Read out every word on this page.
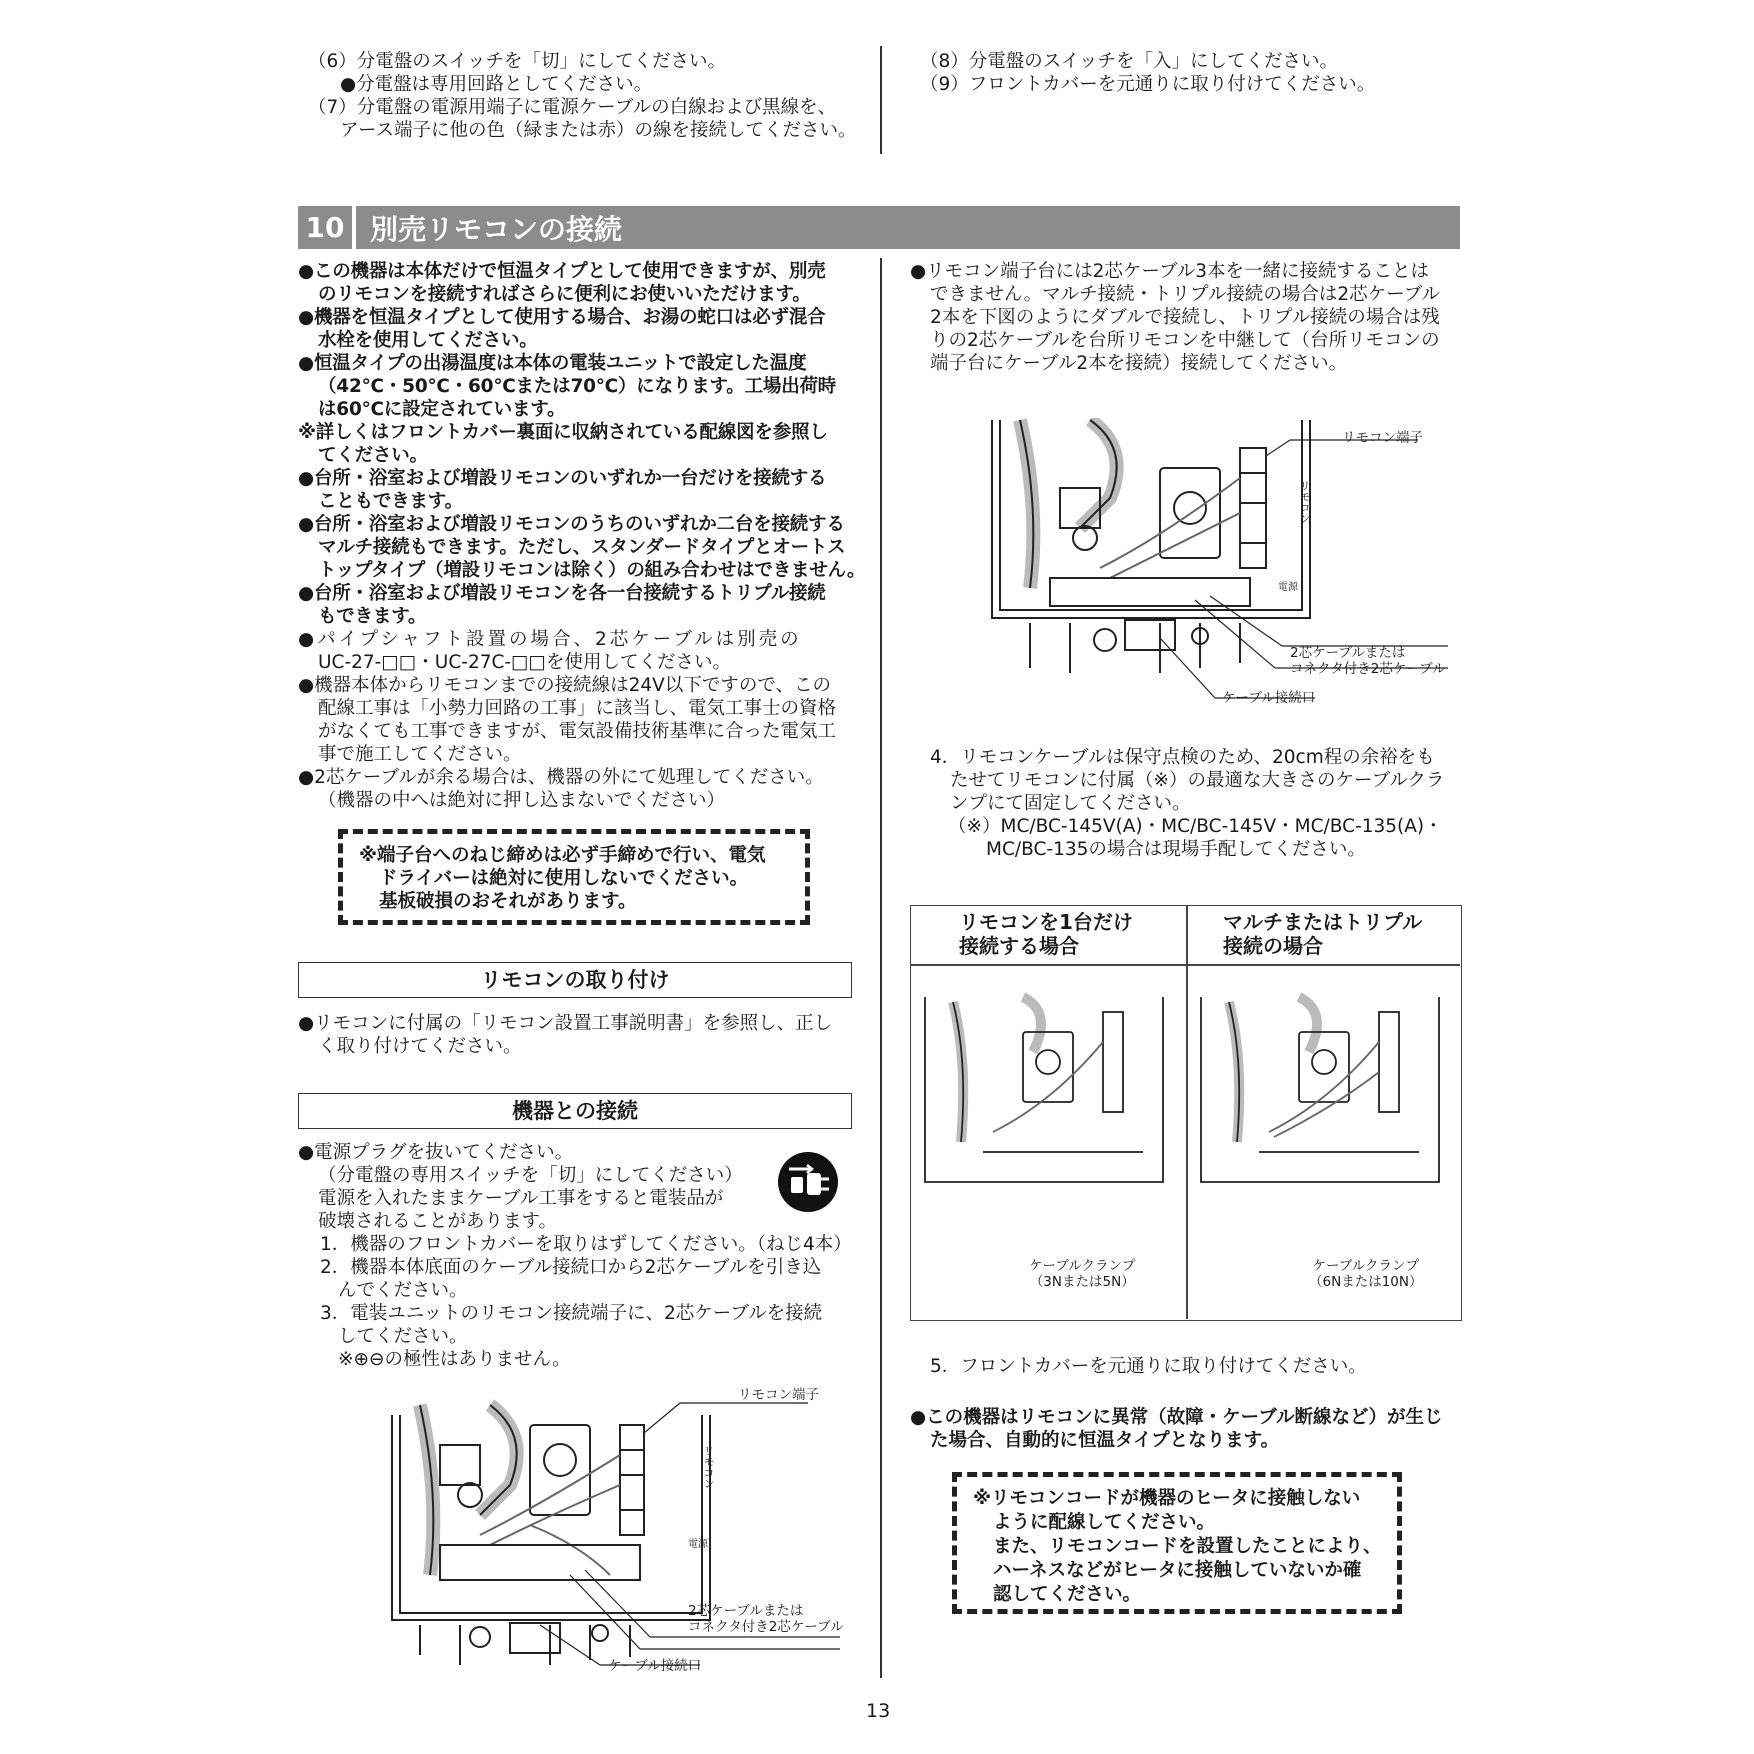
（6）分電盤のスイッチを「切」にしてください。
●分電盤は専用回路としてください。
（7）分電盤の電源用端子に電源ケーブルの白線および黒線を、
アース端子に他の色（緑または赤）の線を接続してください。
（8）分電盤のスイッチを「入」にしてください。
（9）フロントカバーを元通りに取り付けてください。
10 別売リモコンの接続
●この機器は本体だけで恒温タイプとして使用できますが、別売
のリモコンを接続すればさらに便利にお使いいただけます。
●機器を恒温タイプとして使用する場合、お湯の蛇口は必ず混合
水栓を使用してください。
●恒温タイプの出湯温度は本体の電装ユニットで設定した温度
（42℃・50℃・60℃または70℃）になります。工場出荷時
は60℃に設定されています。
※詳しくはフロントカバー裏面に収納されている配線図を参照し
てください。
●台所・浴室および増設リモコンのいずれか一台だけを接続する
こともできます。
●台所・浴室および増設リモコンのうちのいずれか二台を接続する
マルチ接続もできます。ただし、スタンダードタイプとオートス
トップタイプ（増設リモコンは除く）の組み合わせはできません。
●台所・浴室および増設リモコンを各一台接続するトリプル接続
もできます。
●パイプシャフト設置の場合、2芯ケーブルは別売の
UC-27-□□・UC-27C-□□を使用してください。
●機器本体からリモコンまでの接続線は24V以下ですので、この
配線工事は「小勢力回路の工事」に該当し、電気工事士の資格
がなくても工事できますが、電気設備技術基準に合った電気工
事で施工してください。
●2芯ケーブルが余る場合は、機器の外にて処理してください。
（機器の中へは絶対に押し込まないでください）
※端子台へのねじ締めは必ず手締めで行い、電気
ドライバーは絶対に使用しないでください。
基板破損のおそれがあります。
リモコンの取り付け
●リモコンに付属の「リモコン設置工事説明書」を参照し、正し
く取り付けてください。
機器との接続
●電源プラグを抜いてください。
（分電盤の専用スイッチを「切」にしてください）
電源を入れたままケーブル工事をすると電装品が
破壊されることがあります。
1．機器のフロントカバーを取りはずしてください。（ねじ4本）
2．機器本体底面のケーブル接続口から2芯ケーブルを引き込
んでください。
3．電装ユニットのリモコン接続端子に、2芯ケーブルを接続
してください。
※⊕⊖の極性はありません。
リモコン端子
リモコン
電源
2芯ケーブルまたは
コネクタ付き2芯ケーブル
ケーブル接続口
●リモコン端子台には2芯ケーブル3本を一緒に接続することは
できません。マルチ接続・トリプル接続の場合は2芯ケーブル
2本を下図のようにダブルで接続し、トリプル接続の場合は残
りの2芯ケーブルを台所リモコンを中継して（台所リモコンの
端子台にケーブル2本を接続）接続してください。
リモコン端子
リモコン
電源
2芯ケーブルまたは
コネクタ付き2芯ケーブル
ケーブル接続口
4．リモコンケーブルは保守点検のため、20cm程の余裕をも
たせてリモコンに付属（※）の最適な大きさのケーブルクラ
ンプにて固定してください。
（※）MC/BC-145V(A)・MC/BC-145V・MC/BC-135(A)・
MC/BC-135の場合は現場手配してください。
リモコンを1台だけ
接続する場合
マルチまたはトリプル
接続の場合
ケーブルクランプ
（3Nまたは5N）
ケーブルクランプ
（6Nまたは10N）
5．フロントカバーを元通りに取り付けてください。
●この機器はリモコンに異常（故障・ケーブル断線など）が生じ
た場合、自動的に恒温タイプとなります。
※リモコンコードが機器のヒータに接触しない
ように配線してください。
また、リモコンコードを設置したことにより、
ハーネスなどがヒータに接触していないか確
認してください。
13
